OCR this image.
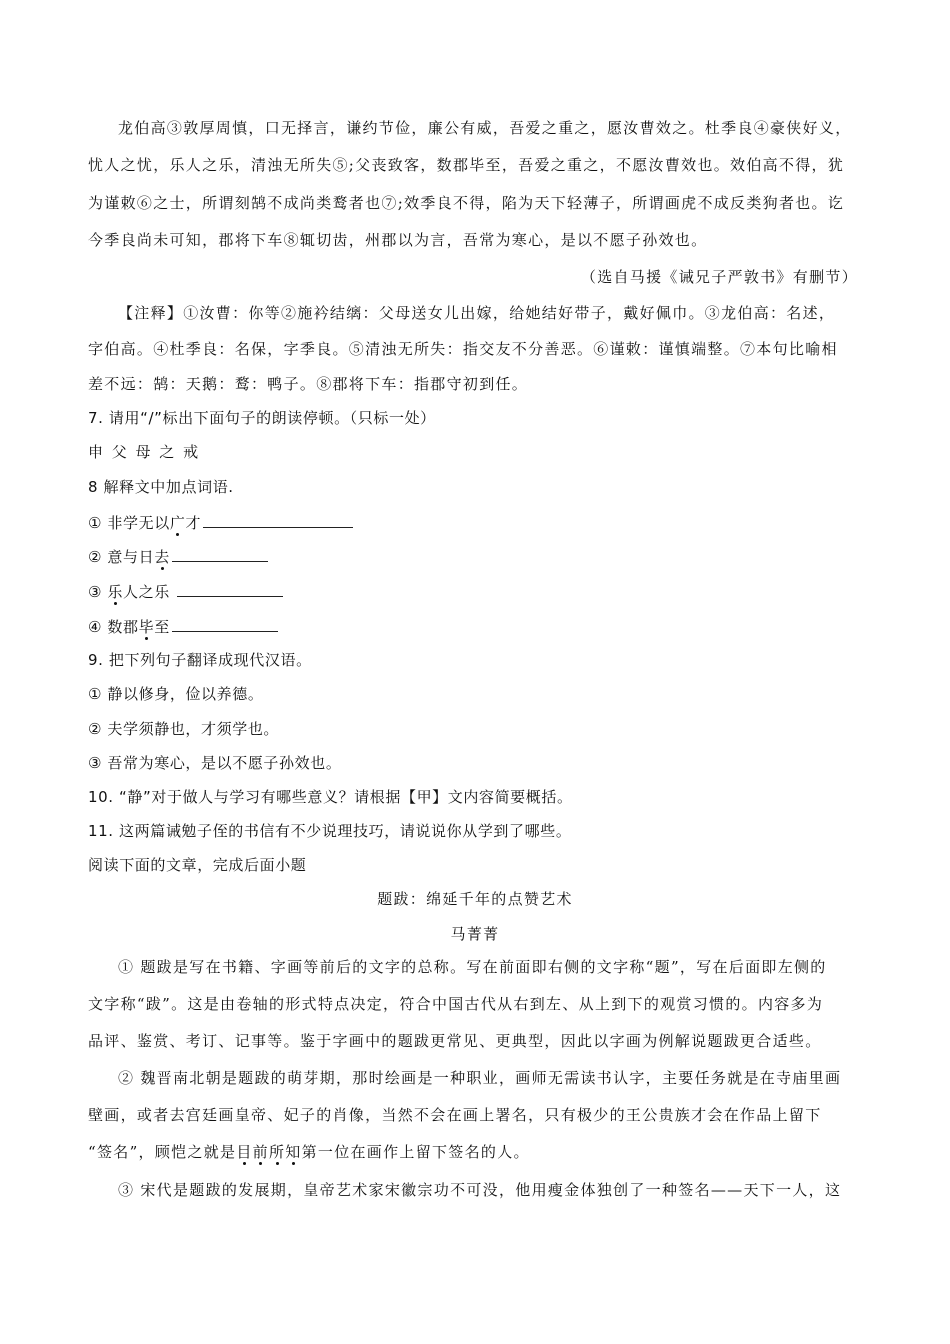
龙伯高③敦厚周慎，口无择言，谦约节俭，廉公有威，吾爱之重之，愿汝曹效之。杜季良④豪侠好义，
忧人之忧，乐人之乐，清浊无所失⑤;父丧致客，数郡毕至，吾爱之重之，不愿汝曹效也。效伯高不得，犹
为谨敕⑥之士，所谓刻鹄不成尚类鹜者也⑦;效季良不得，陷为天下轻薄子，所谓画虎不成反类狗者也。讫
今季良尚未可知，郡将下车⑧辄切齿，州郡以为言，吾常为寒心，是以不愿子孙效也。
（选自马援《诫兄子严敦书》有删节）
【注释】①汝曹：你等②施衿结缡：父母送女儿出嫁，给她结好带子，戴好佩巾。③龙伯高：名述，
字伯高。④杜季良：名保，字季良。⑤清浊无所失：指交友不分善恶。⑥谨敕：谨慎端整。⑦本句比喻相
差不远：鹄：天鹅：鹜：鸭子。⑧郡将下车：指郡守初到任。
7. 请用“/”标出下面句子的朗读停顿。（只标一处）
申 父 母 之 戒
8 解释文中加点词语.
① 非学无以广才
② 意与日去
③ 乐人之乐
④ 数郡毕至
9. 把下列句子翻译成现代汉语。
① 静以修身，俭以养德。
② 夫学须静也，才须学也。
③ 吾常为寒心，是以不愿子孙效也。
10. “静”对于做人与学习有哪些意义？请根据【甲】文内容简要概括。
11. 这两篇诫勉子侄的书信有不少说理技巧，请说说你从学到了哪些。
阅读下面的文章，完成后面小题
题跋：绵延千年的点赞艺术
马菁菁
① 题跋是写在书籍、字画等前后的文字的总称。写在前面即右侧的文字称“题”，写在后面即左侧的
文字称“跋”。这是由卷轴的形式特点决定，符合中国古代从右到左、从上到下的观赏习惯的。内容多为
品评、鉴赏、考订、记事等。鉴于字画中的题跋更常见、更典型，因此以字画为例解说题跋更合适些。
② 魏晋南北朝是题跋的萌芽期，那时绘画是一种职业，画师无需读书认字，主要任务就是在寺庙里画
壁画，或者去宫廷画皇帝、妃子的肖像，当然不会在画上署名，只有极少的王公贵族才会在作品上留下
“签名”，顾恺之就是目前所知第一位在画作上留下签名的人。
③ 宋代是题跋的发展期，皇帝艺术家宋徽宗功不可没，他用瘦金体独创了一种签名——天下一人，这
